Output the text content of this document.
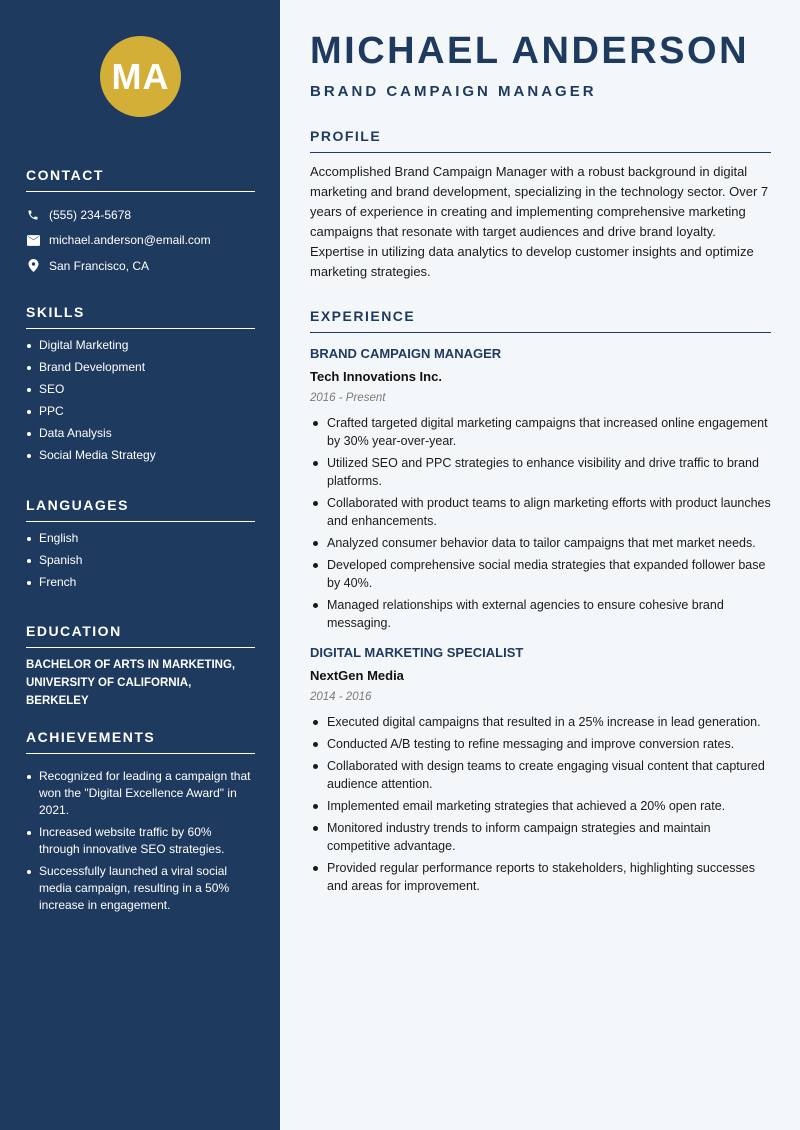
MA
CONTACT
(555) 234-5678
michael.anderson@email.com
San Francisco, CA
SKILLS
Digital Marketing
Brand Development
SEO
PPC
Data Analysis
Social Media Strategy
LANGUAGES
English
Spanish
French
EDUCATION
BACHELOR OF ARTS IN MARKETING, UNIVERSITY OF CALIFORNIA, BERKELEY
ACHIEVEMENTS
Recognized for leading a campaign that won the "Digital Excellence Award" in 2021.
Increased website traffic by 60% through innovative SEO strategies.
Successfully launched a viral social media campaign, resulting in a 50% increase in engagement.
MICHAEL ANDERSON
BRAND CAMPAIGN MANAGER
PROFILE

Accomplished Brand Campaign Manager with a robust background in digital marketing and brand development, specializing in the technology sector. Over 7 years of experience in creating and implementing comprehensive marketing campaigns that resonate with target audiences and drive brand loyalty. Expertise in utilizing data analytics to develop customer insights and optimize marketing strategies.

EXPERIENCE

BRAND CAMPAIGN MANAGER

Tech Innovations Inc.

2016 - Present

Crafted targeted digital marketing campaigns that increased online engagement by 30% year-over-year.
Utilized SEO and PPC strategies to enhance visibility and drive traffic to brand platforms.
Collaborated with product teams to align marketing efforts with product launches and enhancements.
Analyzed consumer behavior data to tailor campaigns that met market needs.
Developed comprehensive social media strategies that expanded follower base by 40%.
Managed relationships with external agencies to ensure cohesive brand messaging.

DIGITAL MARKETING SPECIALIST

NextGen Media

2014 - 2016

Executed digital campaigns that resulted in a 25% increase in lead generation.
Conducted A/B testing to refine messaging and improve conversion rates.
Collaborated with design teams to create engaging visual content that captured audience attention.
Implemented email marketing strategies that achieved a 20% open rate.
Monitored industry trends to inform campaign strategies and maintain competitive advantage.
Provided regular performance reports to stakeholders, highlighting successes and areas for improvement.
